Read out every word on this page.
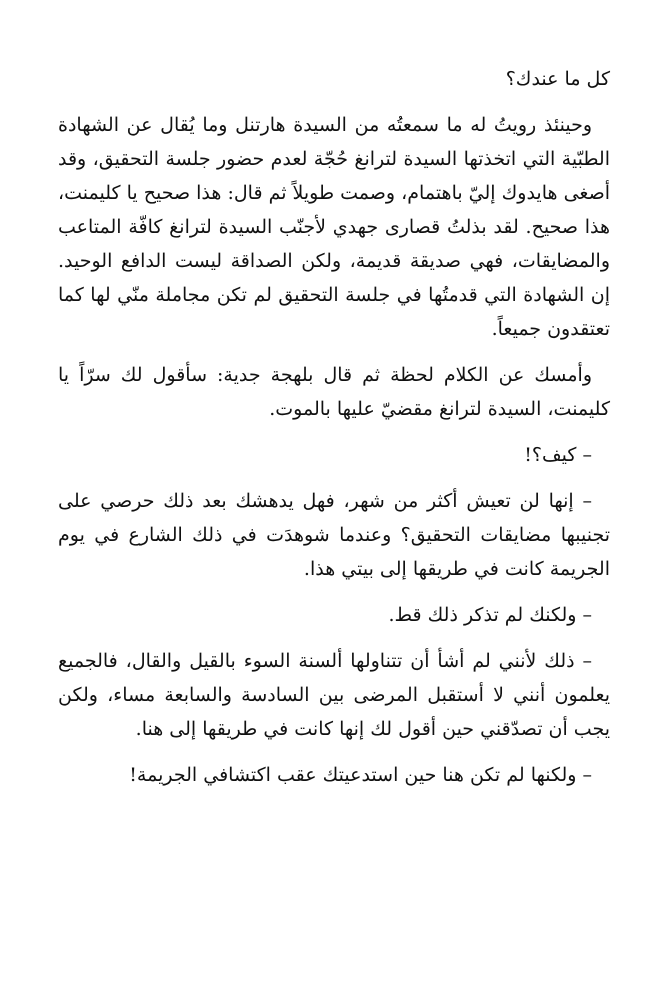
كل ما عندك؟

وحينئذ رويتُ له ما سمعتُه من السيدة هارتنل وما يُقال عن الشهادة الطبّية التي اتخذتها السيدة لترانغ حُجّة لعدم حضور جلسة التحقيق، وقد أصغى هايدوك إليّ باهتمام، وصمت طويلاً ثم قال: هذا صحيح يا كليمنت، هذا صحيح. لقد بذلتُ قصارى جهدي لأجنّب السيدة لترانغ كافّة المتاعب والمضايقات، فهي صديقة قديمة، ولكن الصداقة ليست الدافع الوحيد. إن الشهادة التي قدمتُها في جلسة التحقيق لم تكن مجاملة منّي لها كما تعتقدون جميعاً.

وأمسك عن الكلام لحظة ثم قال بلهجة جدية: سأقول لك سرّاً يا كليمنت، السيدة لترانغ مقضيّ عليها بالموت.

– كيف؟!

– إنها لن تعيش أكثر من شهر، فهل يدهشك بعد ذلك حرصي على تجنيبها مضايقات التحقيق؟ وعندما شوهدَت في ذلك الشارع في يوم الجريمة كانت في طريقها إلى بيتي هذا.

– ولكنك لم تذكر ذلك قط.

– ذلك لأنني لم أشأ أن تتناولها ألسنة السوء بالقيل والقال، فالجميع يعلمون أنني لا أستقبل المرضى بين السادسة والسابعة مساء، ولكن يجب أن تصدّقني حين أقول لك إنها كانت في طريقها إلى هنا.

– ولكنها لم تكن هنا حين استدعيتك عقب اكتشافي الجريمة!
